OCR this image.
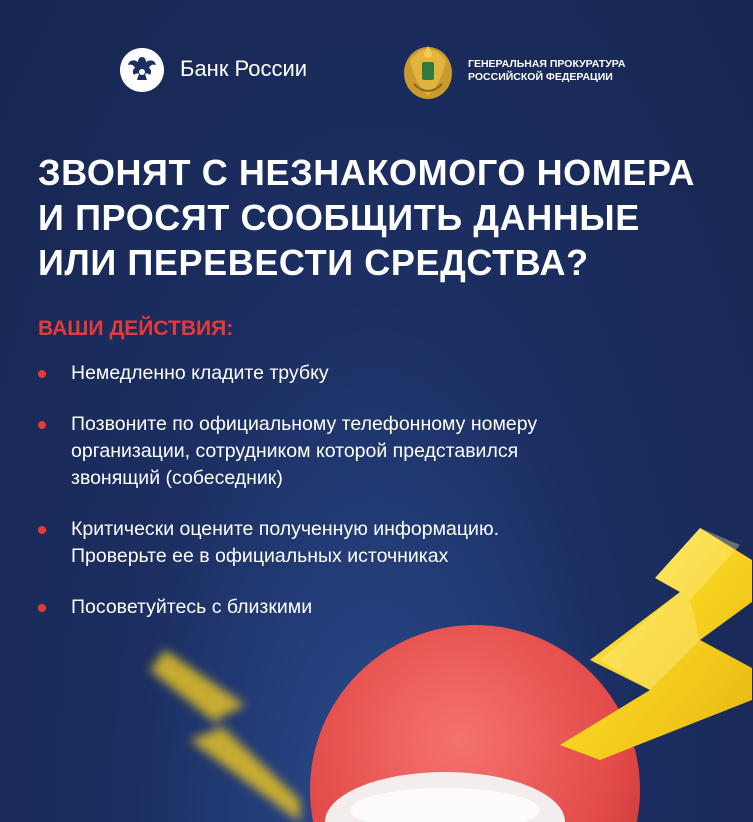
Банк России	ГЕНЕРАЛЬНАЯ ПРОКУРАТУРА
РОССИЙСКОЙ ФЕДЕРАЦИИ
ЗВОНЯТ С НЕЗНАКОМОГО НОМЕРА
И ПРОСЯТ СООБЩИТЬ ДАННЫЕ
ИЛИ ПЕРЕВЕСТИ СРЕДСТВА?
ВАШИ ДЕЙСТВИЯ:
Немедленно кладите трубку
Позвоните по официальному телефонному номеру
организации, сотрудником которой представился
звонящий (собеседник)
Критически оцените полученную информацию.
Проверьте ее в официальных источниках
Посоветуйтесь с близкими
